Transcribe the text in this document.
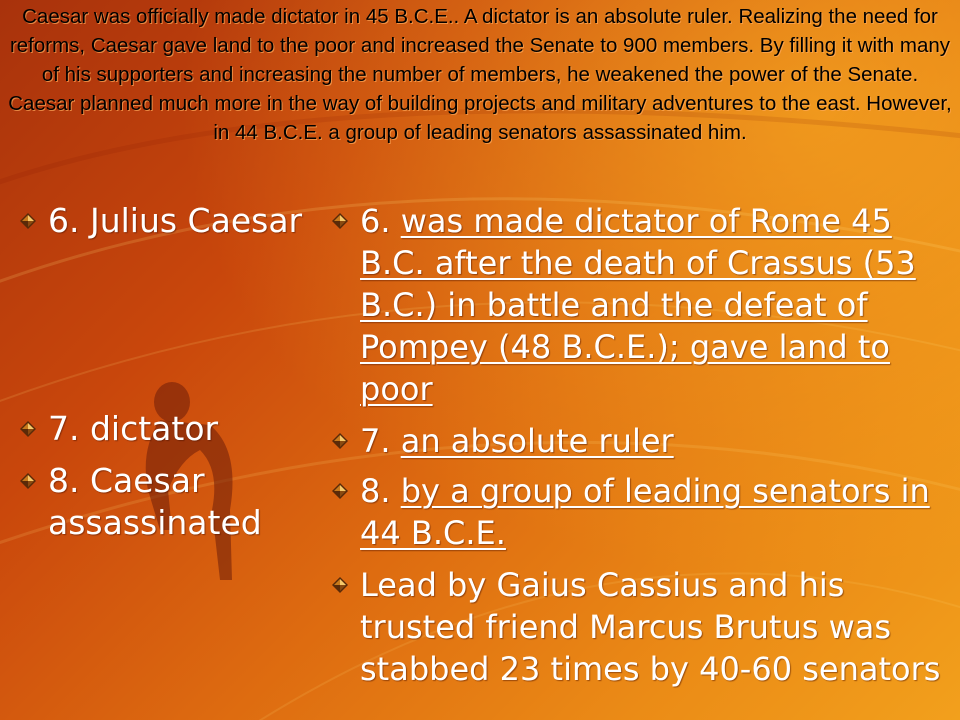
Caesar was officially made dictator in 45 B.C.E.. A dictator is an absolute ruler. Realizing the need for reforms, Caesar gave land to the poor and increased the Senate to 900 members. By filling it with many of his supporters and increasing the number of members, he weakened the power of the Senate. Caesar planned much more in the way of building projects and military adventures to the east. However, in 44 B.C.E. a group of leading senators assassinated him.
6. Julius Caesar
7. dictator
8. Caesar assassinated
6. was made dictator of Rome 45 B.C. after the death of Crassus (53 B.C.) in battle and the defeat of Pompey (48 B.C.E.); gave land to poor
7. an absolute ruler
8. by a group of leading senators in 44 B.C.E.
Lead by Gaius Cassius and his trusted friend Marcus Brutus was stabbed 23 times by 40-60 senators
